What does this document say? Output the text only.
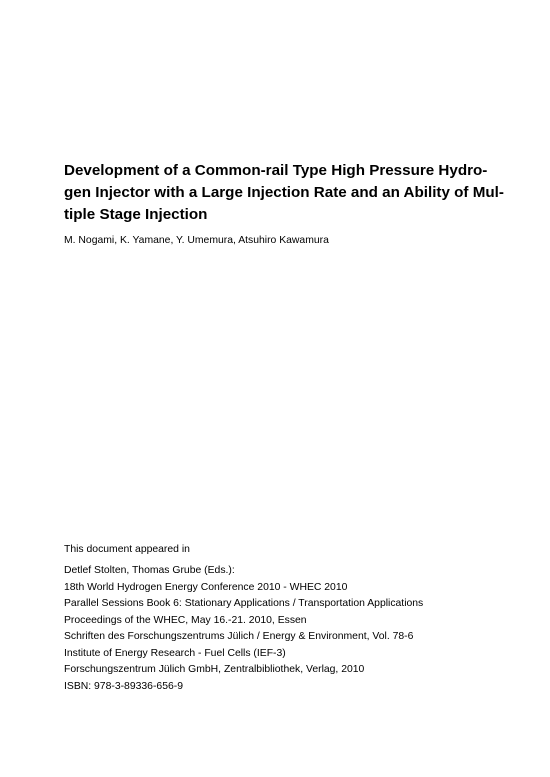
Development of a Common-rail Type High Pressure Hydro-
gen Injector with a Large Injection Rate and an Ability of Mul-
tiple Stage Injection
M. Nogami, K. Yamane, Y. Umemura, Atsuhiro Kawamura
This document appeared in
Detlef Stolten, Thomas Grube (Eds.):
18th World Hydrogen Energy Conference 2010 - WHEC 2010
Parallel Sessions Book 6: Stationary Applications / Transportation Applications
Proceedings of the WHEC, May 16.-21. 2010, Essen
Schriften des Forschungszentrums Jülich / Energy & Environment, Vol. 78-6
Institute of Energy Research - Fuel Cells (IEF-3)
Forschungszentrum Jülich GmbH, Zentralbibliothek, Verlag, 2010
ISBN: 978-3-89336-656-9
